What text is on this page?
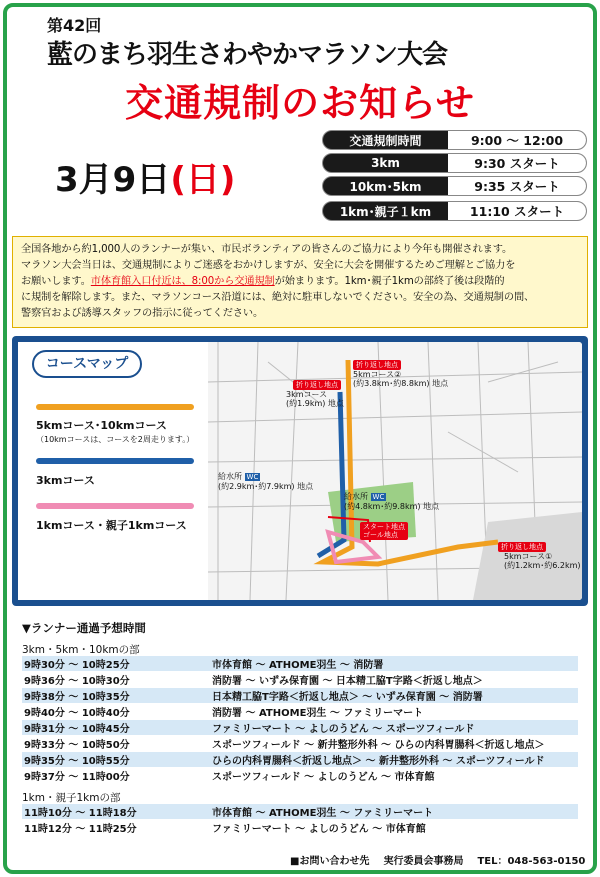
第42回
藍のまち羽生さわやかマラソン大会
交通規制のお知らせ
3月9日(日)
交通規制時間	9:00 ～ 12:00
3km	9:30 スタート
10km･5km	9:35 スタート
1km･親子１km	11:10 スタート

全国各地から約1,000人のランナーが集い、市民ボランティアの皆さんのご協力により今年も開催されます。

マラソン大会当日は、交通規制によりご迷惑をおかけしますが、安全に大会を開催するためご理解とご協力を

お願いします。市体育館入口付近は、8:00から交通規制が始まります。1km･親子1kmの部終了後は段階的

に規制を解除します。また、マラソンコース沿道には、絶対に駐車しないでください。安全の為、交通規制の間、

警察官および誘導スタッフの指示に従ってください。

折り返し地点
5kmコース②
(約3.8km･約8.8km) 地点
折り返し地点
3kmコース
(約1.9km) 地点
給水所 WC
(約2.9km･約7.9km) 地点
給水所 WC
(約4.8km･約9.8km) 地点
スタート地点
ゴール地点
折り返し地点
5kmコース①
(約1.2km･約6.2km)
コースマップ
5kmコース･10kmコース
（10kmコースは、コースを2周走ります。）
3kmコース
1kmコース・親子1kmコース
▼ランナー通過予想時間
3km・5km・10kmの部
9時30分 ～ 10時25分	市体育館 ～ ATHOME羽生 ～ 消防署
9時36分 ～ 10時30分	消防署 ～ いずみ保育園 ～ 日本精工脇T字路＜折返し地点＞
9時38分 ～ 10時35分	日本精工脇T字路＜折返し地点＞ ～ いずみ保育園 ～ 消防署
9時40分 ～ 10時40分	消防署 ～ ATHOME羽生 ～ ファミリーマート
9時31分 ～ 10時45分	ファミリーマート ～ よしのうどん ～ スポーツフィールド
9時33分 ～ 10時50分	スポーツフィールド ～ 新井整形外科 ～ ひらの内科胃腸科＜折返し地点＞
9時35分 ～ 10時55分	ひらの内科胃腸科＜折返し地点＞ ～ 新井整形外科 ～ スポーツフィールド
9時37分 ～ 11時00分	スポーツフィールド ～ よしのうどん ～ 市体育館
1km・親子1kmの部
11時10分 ～ 11時18分	市体育館 ～ ATHOME羽生 ～ ファミリーマート
11時12分 ～ 11時25分	ファミリーマート ～ よしのうどん ～ 市体育館
■お問い合わせ先 実行委員会事務局 TEL：048-563-0150
